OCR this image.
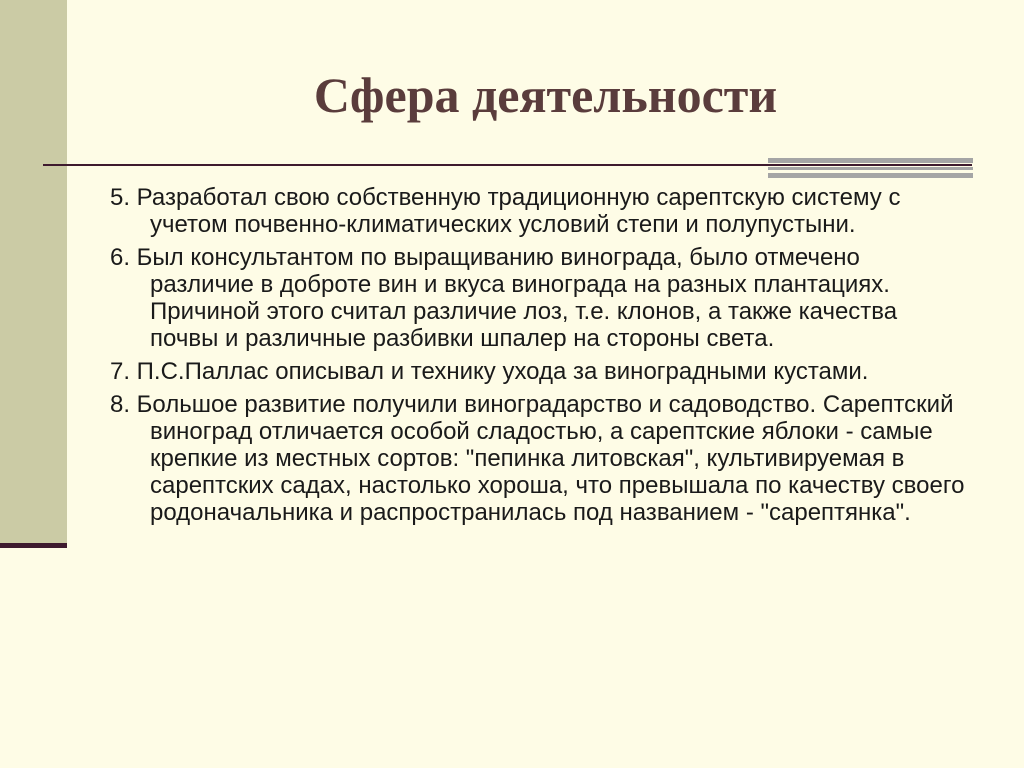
Сфера деятельности

5. Разработал свою собственную традиционную сарептскую систему с учетом почвенно-климатических условий степи и полупустыни.

6. Был консультантом по выращиванию винограда, было отмечено различие в доброте вин и вкуса винограда на разных плантациях. Причиной этого считал различие лоз, т.е. клонов, а также качества почвы и различные разбивки шпалер на стороны света.

7. П.С.Паллас описывал и технику ухода за виноградными кустами.

8. Большое развитие получили виноградарство и садоводство. Сарептский виноград отличается особой сладостью, а сарептские яблоки - самые крепкие из местных сортов: "пепинка литовская", культивируемая в сарептских садах, настолько хороша, что превышала по качеству своего родоначальника и распространилась под названием - "сарептянка".
